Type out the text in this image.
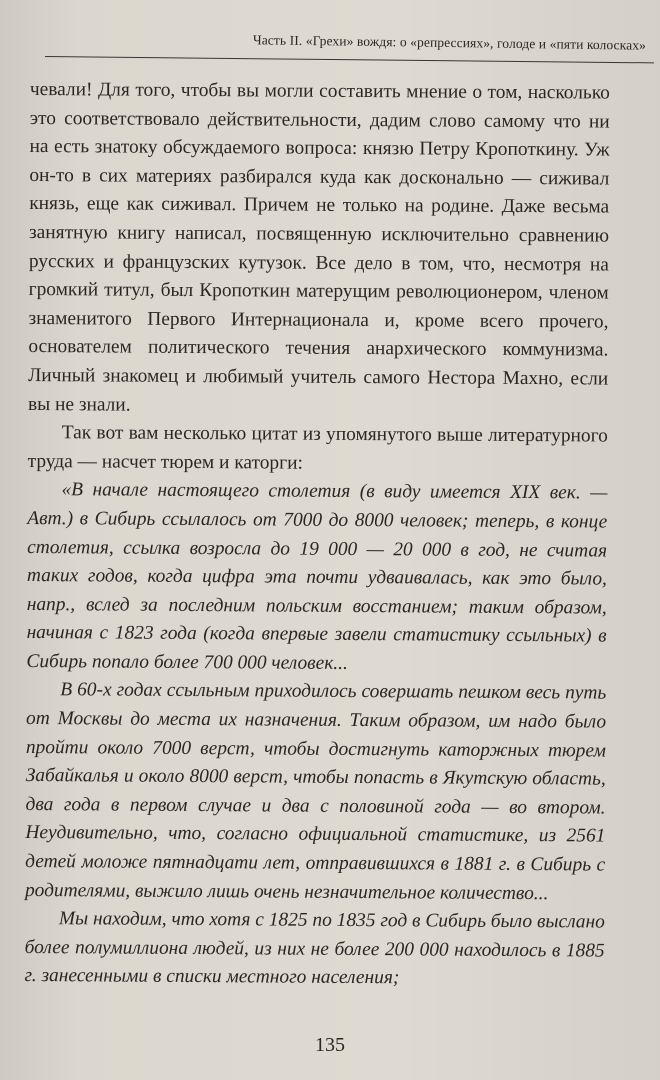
Часть II. «Грехи» вождя: о «репрессиях», голоде и «пяти колосках»

чевали! Для того, чтобы вы могли составить мнение о том, насколько это соответствовало действительности, дадим слово самому что ни на есть знатоку обсуждаемого вопроса: князю Петру Кропоткину. Уж он-то в сих материях разбирался куда как досконально — сиживал князь, еще как сиживал. Причем не только на родине. Даже весьма занятную книгу написал, посвященную исключительно сравнению русских и французских кутузок. Все дело в том, что, несмотря на громкий титул, был Кропоткин матерущим революционером, членом знаменитого Первого Интернационала и, кроме всего прочего, основателем политического течения анархического коммунизма. Личный знакомец и любимый учитель самого Нестора Махно, если вы не знали.

Так вот вам несколько цитат из упомянутого выше литературного труда — насчет тюрем и каторги:

«В начале настоящего столетия (в виду имеется XIX век. — Авт.) в Сибирь ссылалось от 7000 до 8000 человек; теперь, в конце столетия, ссылка возросла до 19 000 — 20 000 в год, не считая таких годов, когда цифра эта почти удваивалась, как это было, напр., вслед за последним польским восстанием; таким образом, начиная с 1823 года (когда впервые завели статистику ссыльных) в Сибирь попало более 700 000 человек...

В 60-х годах ссыльным приходилось совершать пешком весь путь от Москвы до места их назначения. Таким образом, им надо было пройти около 7000 верст, чтобы достигнуть каторжных тюрем Забайкалья и около 8000 верст, чтобы попасть в Якутскую область, два года в первом случае и два с половиной года — во втором. Неудивительно, что, согласно официальной статистике, из 2561 детей моложе пятнадцати лет, отправившихся в 1881 г. в Сибирь с родителями, выжило лишь очень незначительное количество...

Мы находим, что хотя с 1825 по 1835 год в Сибирь было выслано более полумиллиона людей, из них не более 200 000 находилось в 1885 г. занесенными в списки местного населения;

135
